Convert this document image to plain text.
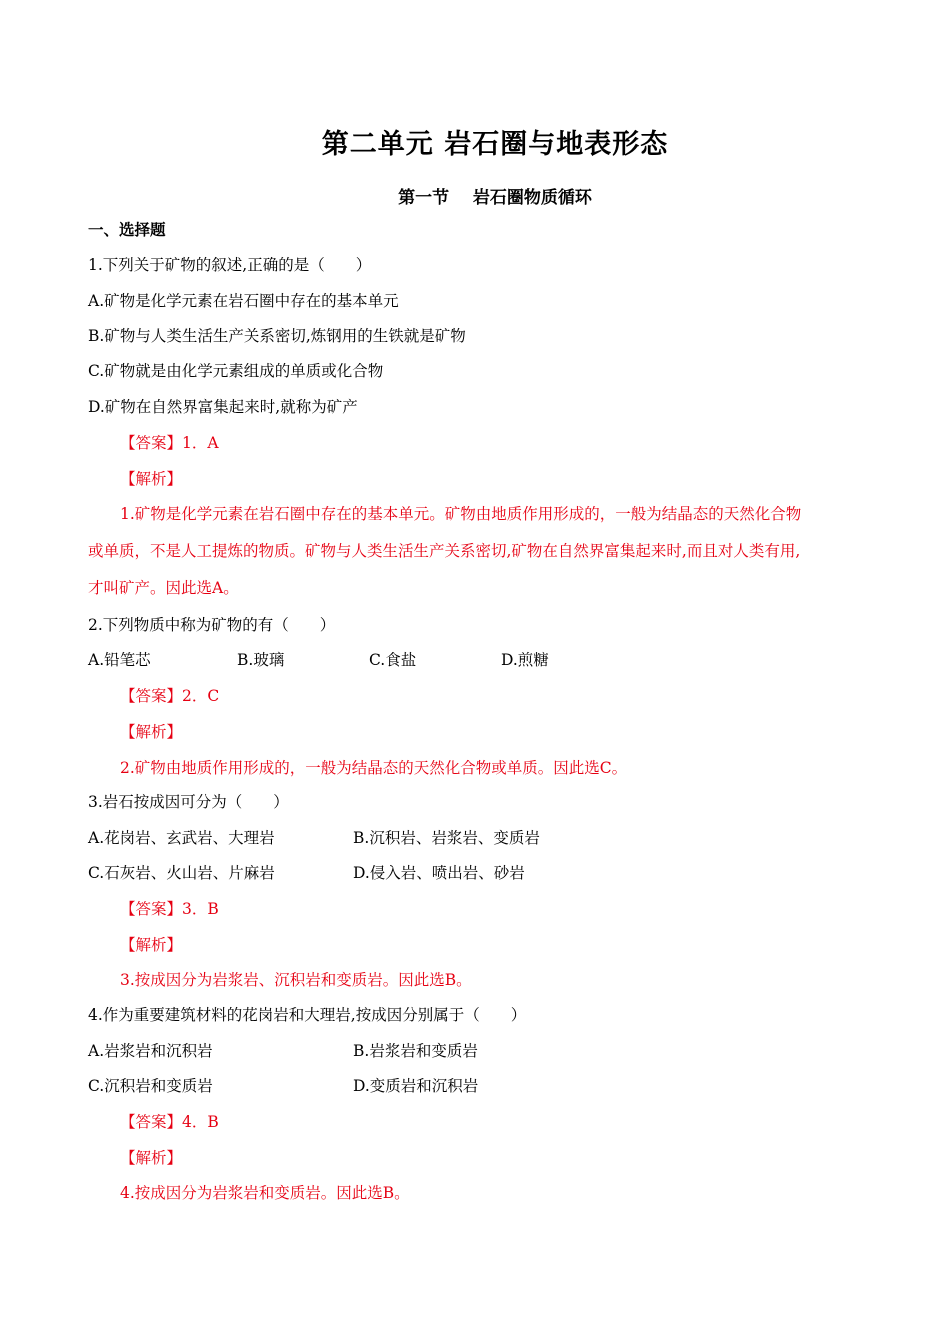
第二单元 岩石圈与地表形态
第一节    岩石圈物质循环
一、选择题
1.下列关于矿物的叙述,正确的是（　　）
A.矿物是化学元素在岩石圈中存在的基本单元
B.矿物与人类生活生产关系密切,炼钢用的生铁就是矿物
C.矿物就是由化学元素组成的单质或化合物
D.矿物在自然界富集起来时,就称为矿产
【答案】1．A
【解析】
1.矿物是化学元素在岩石圈中存在的基本单元。矿物由地质作用形成的，一般为结晶态的天然化合物
或单质，不是人工提炼的物质。矿物与人类生活生产关系密切,矿物在自然界富集起来时,而且对人类有用,
才叫矿产。因此选A。
2.下列物质中称为矿物的有（　　）
A.铅笔芯	B.玻璃	C.食盐	D.煎糖
【答案】2．C
【解析】
2.矿物由地质作用形成的，一般为结晶态的天然化合物或单质。因此选C。
3.岩石按成因可分为（　　）
A.花岗岩、玄武岩、大理岩	B.沉积岩、岩浆岩、变质岩
C.石灰岩、火山岩、片麻岩	D.侵入岩、喷出岩、砂岩
【答案】3．B
【解析】
3.按成因分为岩浆岩、沉积岩和变质岩。因此选B。
4.作为重要建筑材料的花岗岩和大理岩,按成因分别属于（　　）
A.岩浆岩和沉积岩	B.岩浆岩和变质岩
C.沉积岩和变质岩	D.变质岩和沉积岩
【答案】4．B
【解析】
4.按成因分为岩浆岩和变质岩。因此选B。
